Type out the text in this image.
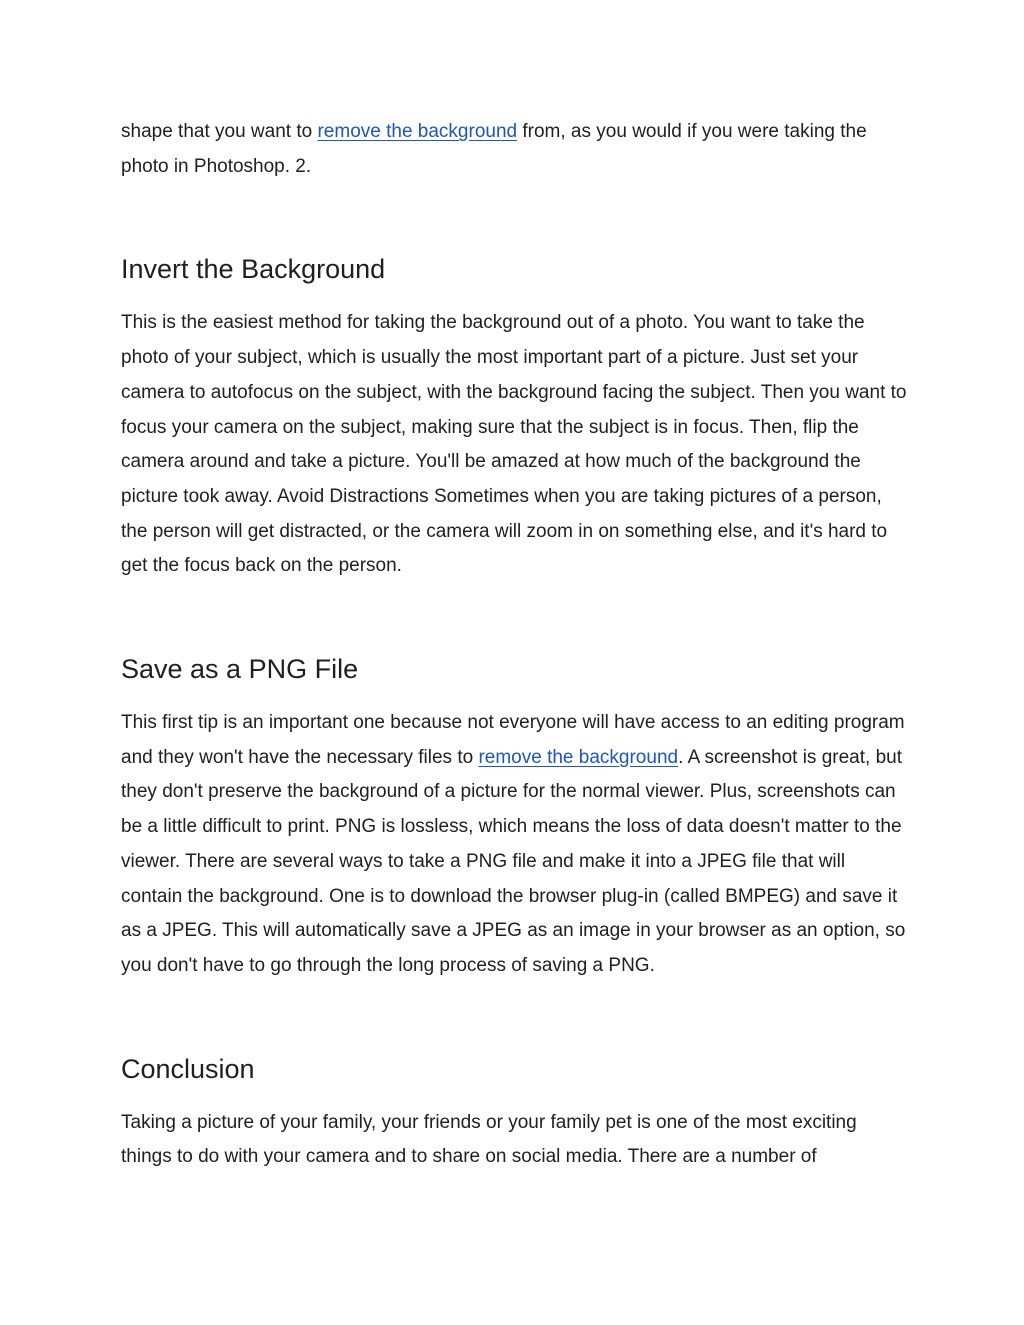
shape that you want to remove the background from, as you would if you were taking the photo in Photoshop. 2.

Invert the Background

This is the easiest method for taking the background out of a photo. You want to take the photo of your subject, which is usually the most important part of a picture. Just set your camera to autofocus on the subject, with the background facing the subject. Then you want to focus your camera on the subject, making sure that the subject is in focus. Then, flip the camera around and take a picture. You'll be amazed at how much of the background the picture took away. Avoid Distractions Sometimes when you are taking pictures of a person, the person will get distracted, or the camera will zoom in on something else, and it's hard to get the focus back on the person.

Save as a PNG File

This first tip is an important one because not everyone will have access to an editing program and they won't have the necessary files to remove the background. A screenshot is great, but they don't preserve the background of a picture for the normal viewer. Plus, screenshots can be a little difficult to print. PNG is lossless, which means the loss of data doesn't matter to the viewer. There are several ways to take a PNG file and make it into a JPEG file that will contain the background. One is to download the browser plug-in (called BMPEG) and save it as a JPEG. This will automatically save a JPEG as an image in your browser as an option, so you don't have to go through the long process of saving a PNG.

Conclusion

Taking a picture of your family, your friends or your family pet is one of the most exciting things to do with your camera and to share on social media. There are a number of
